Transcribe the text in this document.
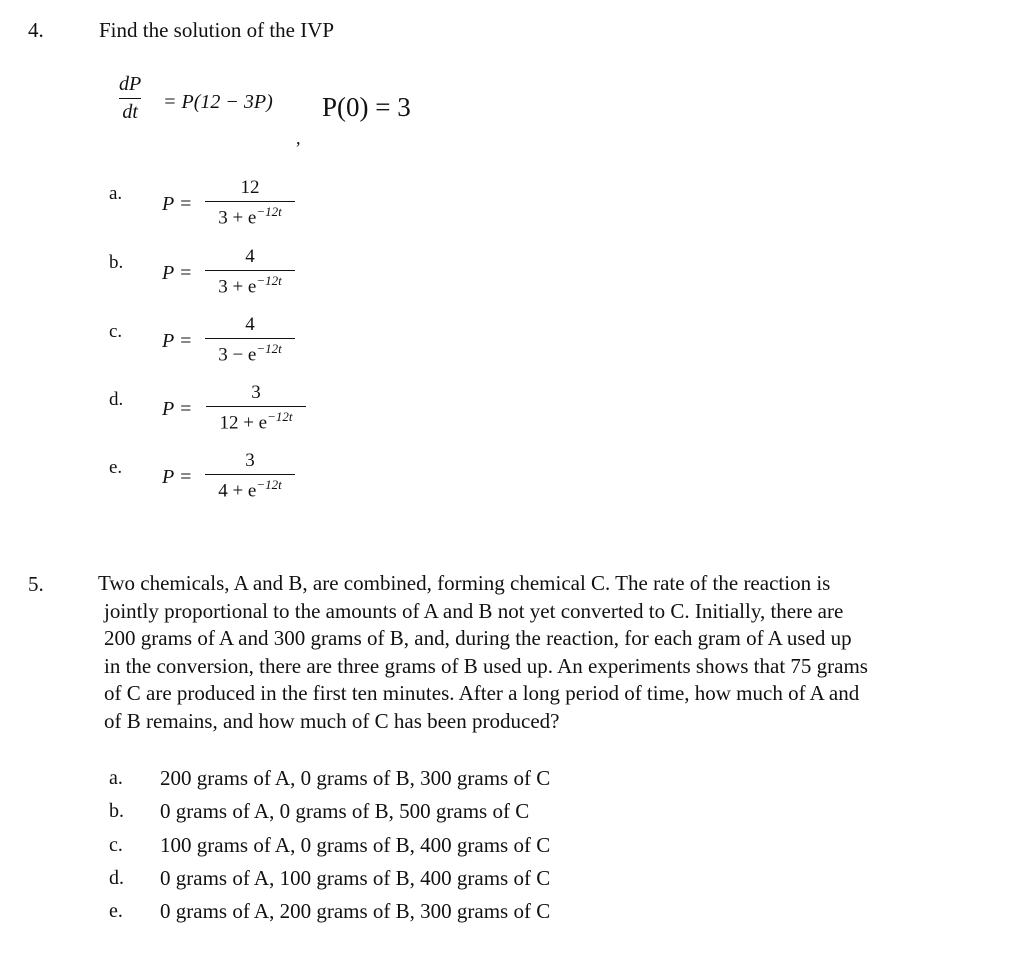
4.	Find the solution of the IVP
dP
dt = P(12 − 3P)
,
P(0) = 3
a. P =
12
$3 + e^{-12t}$
b. P =
4
$3 + e^{-12t}$
c. P =
4
$3 - e^{-12t}$
d. P =
3
$12 + e^{-12t}$
e. P =
3
$4 + e^{-12t}$
5.	Two chemicals, A and B, are combined, forming chemical C. The rate of the reaction is
jointly proportional to the amounts of A and B not yet converted to C. Initially, there are
200 grams of A and 300 grams of B, and, during the reaction, for each gram of A used up
in the conversion, there are three grams of B used up. An experiments shows that 75 grams
of C are produced in the first ten minutes. After a long period of time, how much of A and
of B remains, and how much of C has been produced?
a. 200 grams of A, 0 grams of B, 300 grams of C
b. 0 grams of A, 0 grams of B, 500 grams of C
c. 100 grams of A, 0 grams of B, 400 grams of C
d. 0 grams of A, 100 grams of B, 400 grams of C
e. 0 grams of A, 200 grams of B, 300 grams of C
